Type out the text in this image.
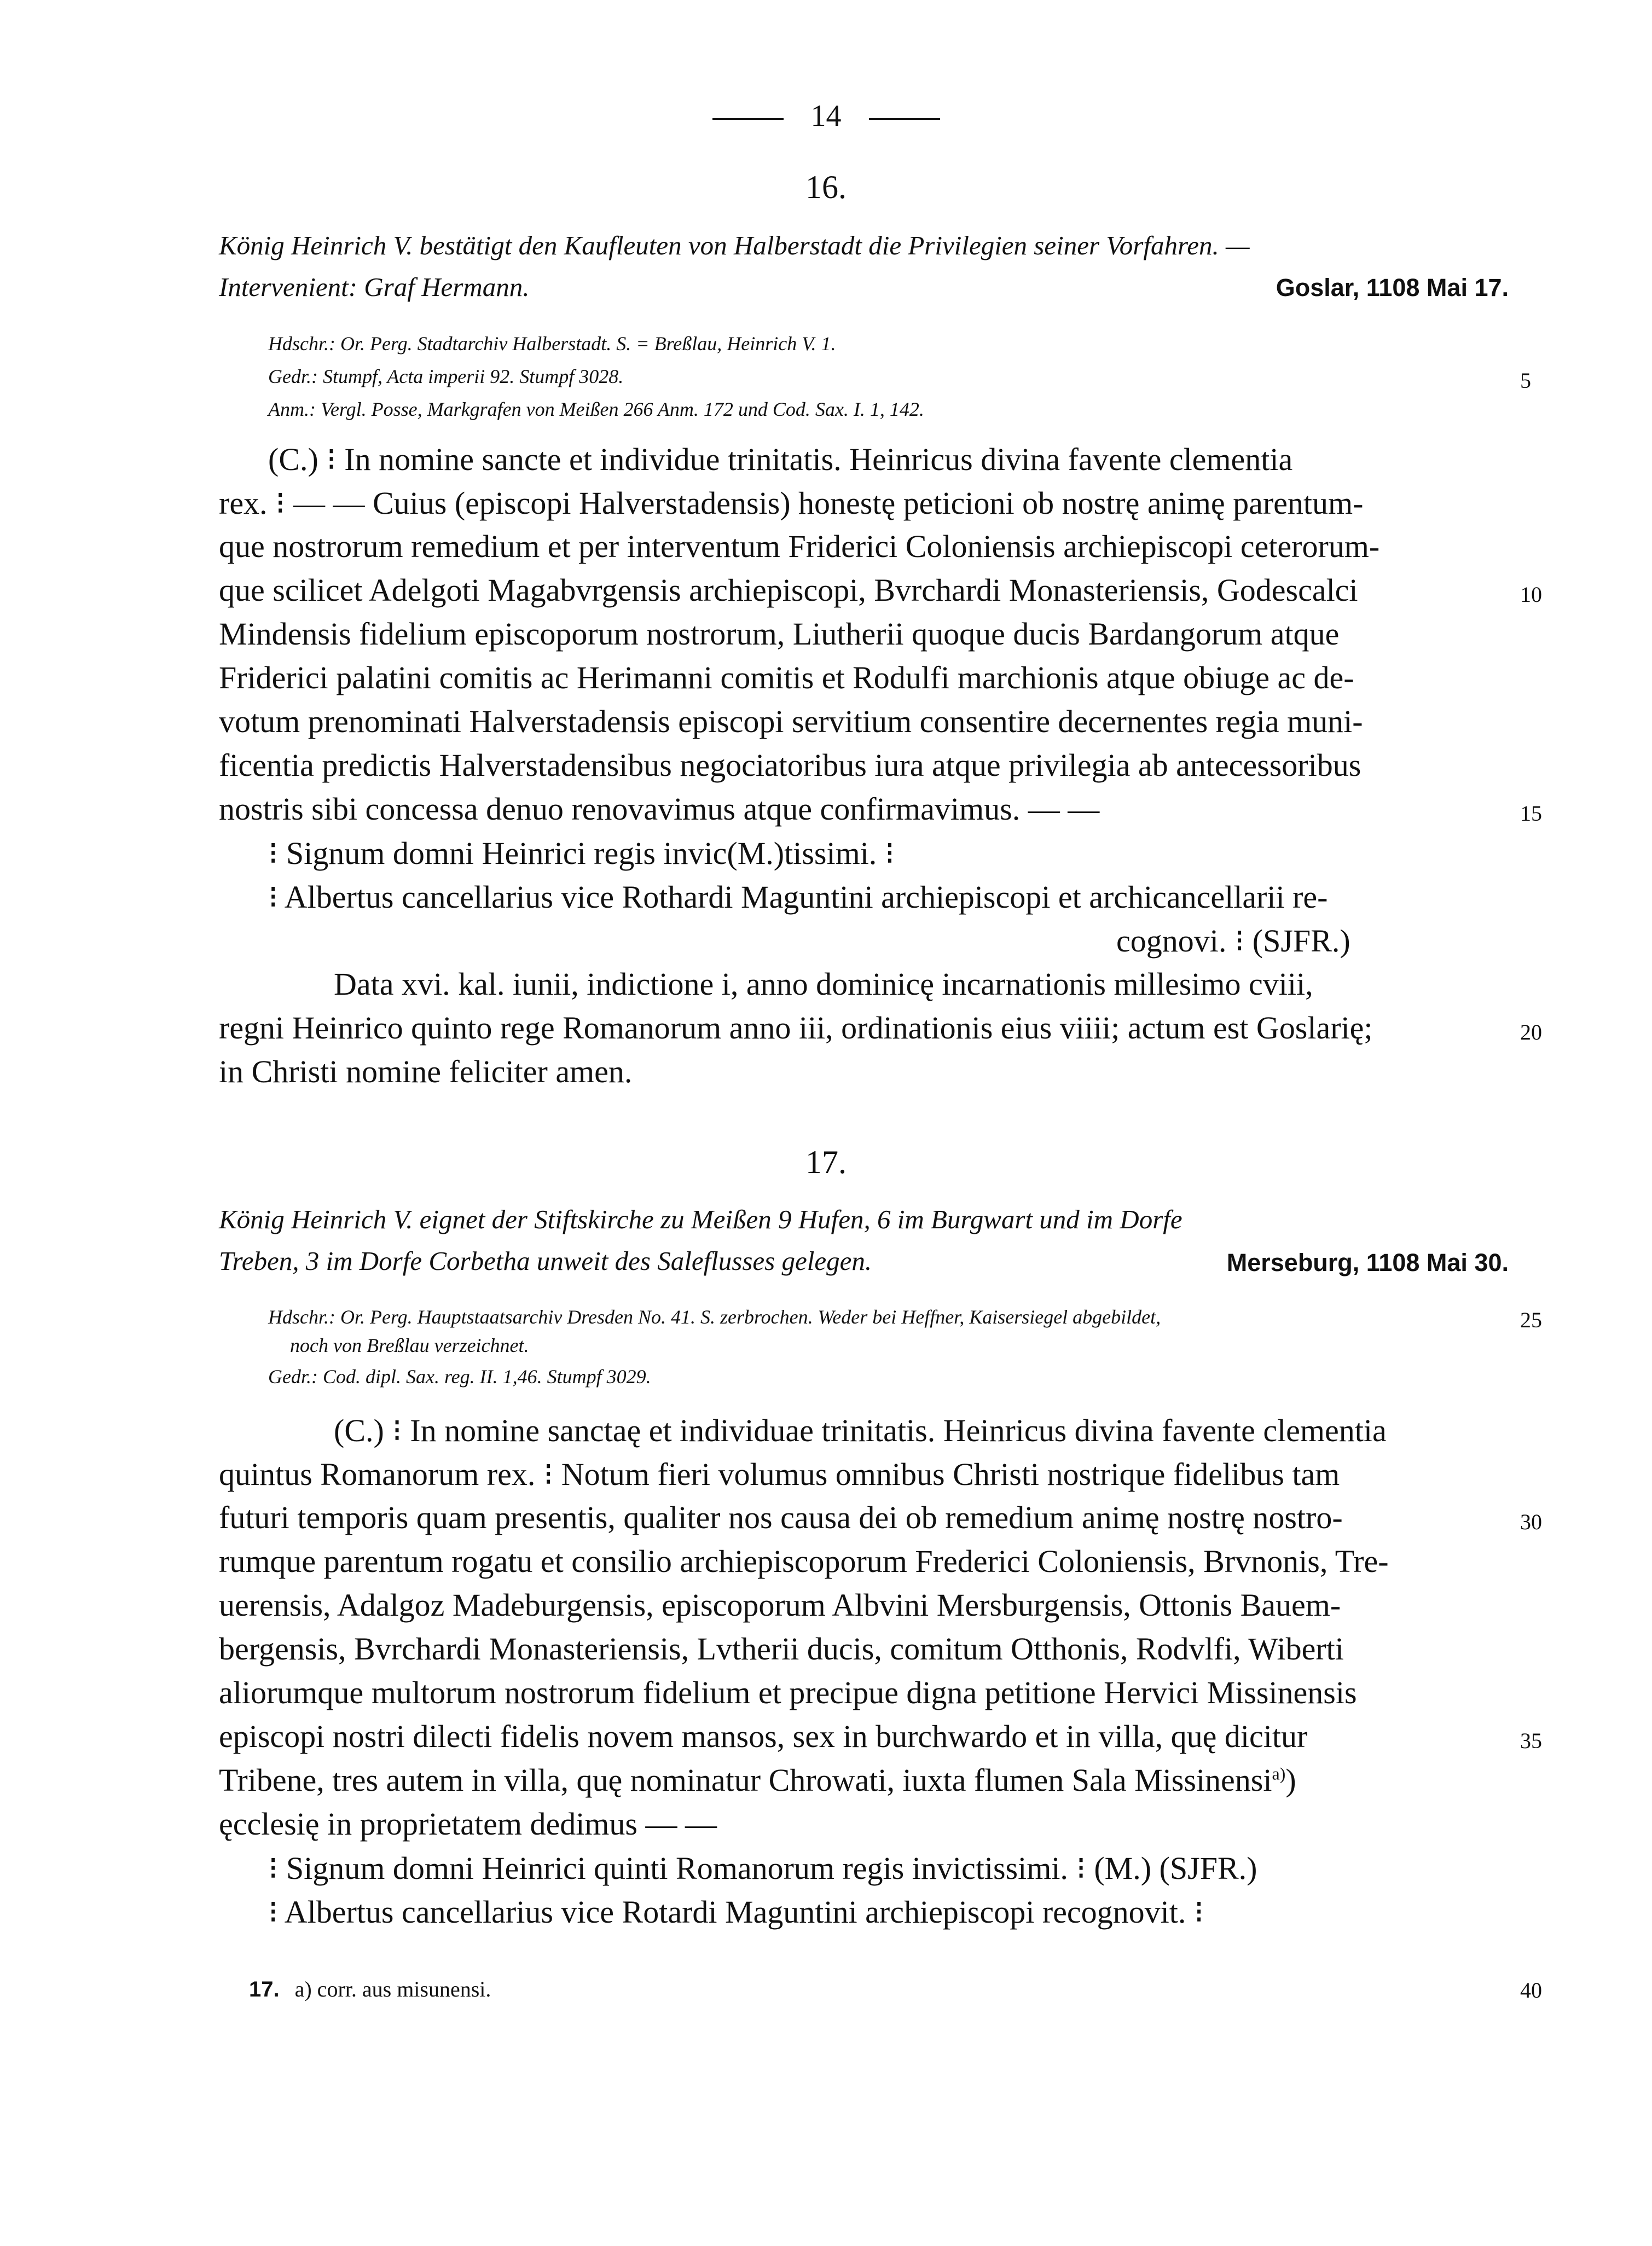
14
16.
König Heinrich V. bestätigt den Kaufleuten von Halberstadt die Privilegien seiner Vorfahren. —
Intervenient: Graf Hermann.	Goslar, 1108 Mai 17.
Hdschr.: Or. Perg. Stadtarchiv Halberstadt. S. = Breßlau, Heinrich V. 1.
Gedr.: Stumpf, Acta imperii 92. Stumpf 3028.
Anm.: Vergl. Posse, Markgrafen von Meißen 266 Anm. 172 und Cod. Sax. I. 1, 142.
(C.) ⁝ In nomine sancte et individue trinitatis. Heinricus divina favente clementia
rex. ⁝ — — Cuius (episcopi Halverstadensis) honestę peticioni ob nostrę animę parentum-
que nostrorum remedium et per interventum Friderici Coloniensis archiepiscopi ceterorum-
que scilicet Adelgoti Magabvrgensis archiepiscopi, Bvrchardi Monasteriensis, Godescalci
Mindensis fidelium episcoporum nostrorum, Liutherii quoque ducis Bardangorum atque
Friderici palatini comitis ac Herimanni comitis et Rodulfi marchionis atque obiuge ac de-
votum prenominati Halverstadensis episcopi servitium consentire decernentes regia muni-
ficentia predictis Halverstadensibus negociatoribus iura atque privilegia ab antecessoribus
nostris sibi concessa denuo renovavimus atque confirmavimus. — —
⁝ Signum domni Heinrici regis invic(M.)tissimi. ⁝
⁝ Albertus cancellarius vice Rothardi Maguntini archiepiscopi et archicancellarii re-
cognovi. ⁝ (SJFR.)
Data xvi. kal. iunii, indictione i, anno dominicę incarnationis millesimo cviii,
regni Heinrico quinto rege Romanorum anno iii, ordinationis eius viiii; actum est Goslarię;
in Christi nomine feliciter amen.
17.
König Heinrich V. eignet der Stiftskirche zu Meißen 9 Hufen, 6 im Burgwart und im Dorfe
Treben, 3 im Dorfe Corbetha unweit des Saleflusses gelegen.	Merseburg, 1108 Mai 30.
Hdschr.: Or. Perg. Hauptstaatsarchiv Dresden No. 41. S. zerbrochen. Weder bei Heffner, Kaisersiegel abgebildet,
noch von Breßlau verzeichnet.
Gedr.: Cod. dipl. Sax. reg. II. 1,46. Stumpf 3029.
(C.) ⁝ In nomine sanctaę et individuae trinitatis. Heinricus divina favente clementia
quintus Romanorum rex. ⁝ Notum fieri volumus omnibus Christi nostrique fidelibus tam
futuri temporis quam presentis, qualiter nos causa dei ob remedium animę nostrę nostro-
rumque parentum rogatu et consilio archiepiscoporum Frederici Coloniensis, Brvnonis, Tre-
uerensis, Adalgoz Madeburgensis, episcoporum Albvini Mersburgensis, Ottonis Bauem-
bergensis, Bvrchardi Monasteriensis, Lvtherii ducis, comitum Otthonis, Rodvlfi, Wiberti
aliorumque multorum nostrorum fidelium et precipue digna petitione Hervici Missinensis
episcopi nostri dilecti fidelis novem mansos, sex in burchwardo et in villa, quę dicitur
Tribene, tres autem in villa, quę nominatur Chrowati, iuxta flumen Sala Missinensi$^{a)}$)
ęcclesię in proprietatem dedimus — —
⁝ Signum domni Heinrici quinti Romanorum regis invictissimi. ⁝ (M.) (SJFR.)
⁝ Albertus cancellarius vice Rotardi Maguntini archiepiscopi recognovit. ⁝
17. a) corr. aus misunensi.
5
10
15
20
25
30
35
40
